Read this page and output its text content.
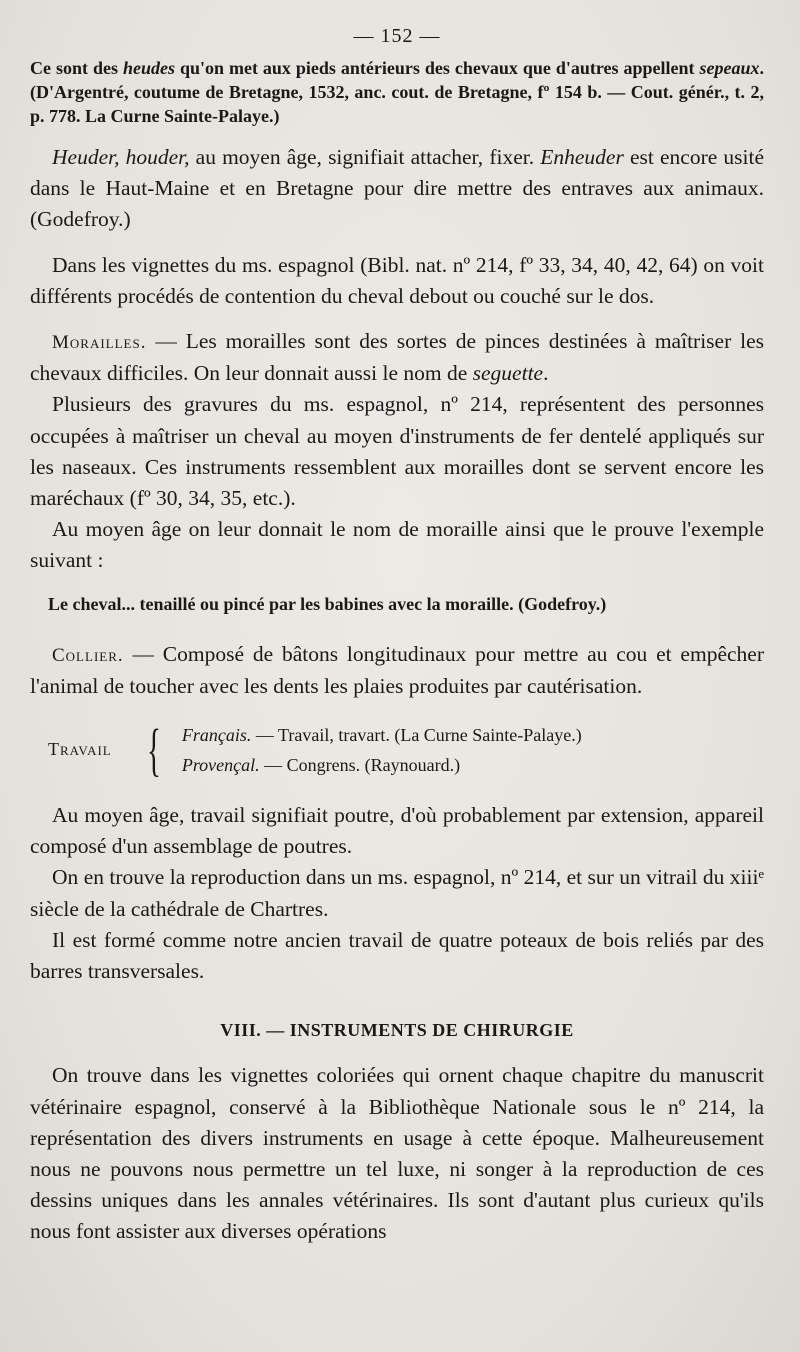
— 152 —

Ce sont des heudes qu'on met aux pieds antérieurs des chevaux que d'autres appellent sepeaux. (D'Argentré, coutume de Bretagne, 1532, anc. cout. de Bretagne, fº 154 b. — Cout. génér., t. 2, p. 778. La Curne Sainte-Palaye.)

Heuder, houder, au moyen âge, signifiait attacher, fixer. Enheuder est encore usité dans le Haut-Maine et en Bretagne pour dire mettre des entraves aux animaux. (Godefroy.)

Dans les vignettes du ms. espagnol (Bibl. nat. nº 214, fº 33, 34, 40, 42, 64) on voit différents procédés de contention du cheval debout ou couché sur le dos.

Morailles. — Les morailles sont des sortes de pinces destinées à maîtriser les chevaux difficiles. On leur donnait aussi le nom de seguette.

Plusieurs des gravures du ms. espagnol, nº 214, représentent des personnes occupées à maîtriser un cheval au moyen d'instruments de fer dentelé appliqués sur les naseaux. Ces instruments ressemblent aux morailles dont se servent encore les maréchaux (fº 30, 34, 35, etc.).

Au moyen âge on leur donnait le nom de moraille ainsi que le prouve l'exemple suivant :

Le cheval... tenaillé ou pincé par les babines avec la moraille. (Godefroy.)

Collier. — Composé de bâtons longitudinaux pour mettre au cou et empêcher l'animal de toucher avec les dents les plaies produites par cautérisation.

Travail { Français. — Travail, travart. (La Curne Sainte-Palaye.)
Provençal. — Congrens. (Raynouard.)

Au moyen âge, travail signifiait poutre, d'où probablement par extension, appareil composé d'un assemblage de poutres.

On en trouve la reproduction dans un ms. espagnol, nº 214, et sur un vitrail du xiiiᵉ siècle de la cathédrale de Chartres.

Il est formé comme notre ancien travail de quatre poteaux de bois reliés par des barres transversales.

VIII. — INSTRUMENTS DE CHIRURGIE

On trouve dans les vignettes coloriées qui ornent chaque chapitre du manuscrit vétérinaire espagnol, conservé à la Bibliothèque Nationale sous le nº 214, la représentation des divers instruments en usage à cette époque. Malheureusement nous ne pouvons nous permettre un tel luxe, ni songer à la reproduction de ces dessins uniques dans les annales vétérinaires. Ils sont d'autant plus curieux qu'ils nous font assister aux diverses opérations
